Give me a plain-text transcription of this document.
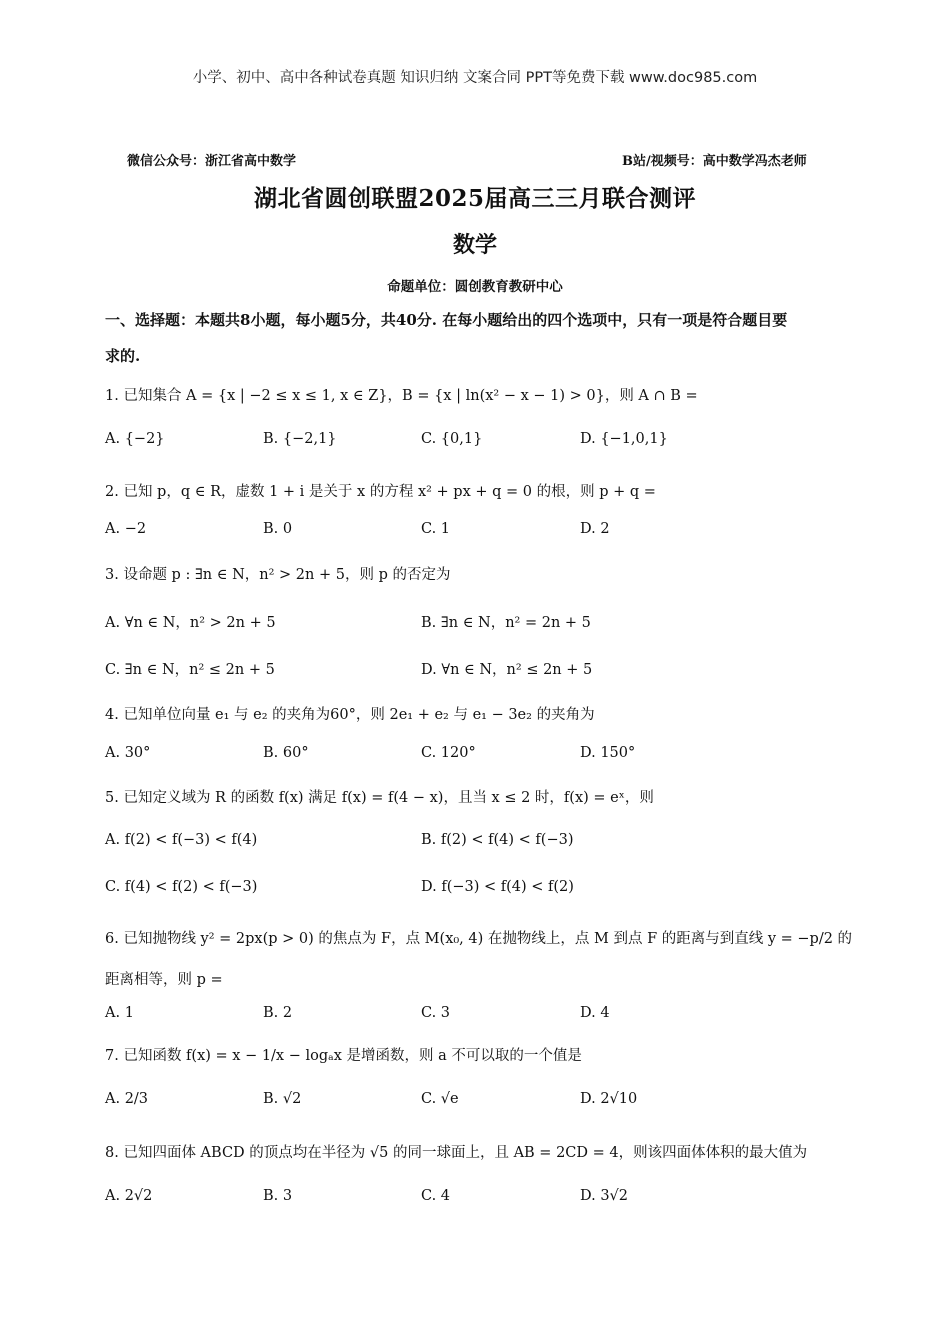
小学、初中、高中各种试卷真题 知识归纳 文案合同 PPT等免费下载 www.doc985.com
微信公众号：浙江省高中数学	B站/视频号：高中数学冯杰老师
湖北省圆创联盟2025届高三三月联合测评
数学
命题单位：圆创教育教研中心
一、选择题：本题共8小题，每小题5分，共40分. 在每小题给出的四个选项中，只有一项是符合题目要
求的.
1. 已知集合 A = {x | −2 ≤ x ≤ 1, x ∈ Z}，B = {x | ln(x² − x − 1) > 0}，则 A ∩ B =
A. {−2}	B. {−2,1}	C. {0,1}	D. {−1,0,1}
2. 已知 p，q ∈ R，虚数 1 + i 是关于 x 的方程 x² + px + q = 0 的根，则 p + q =
A. −2	B. 0	C. 1	D. 2
3. 设命题 p : ∃n ∈ N，n² > 2n + 5，则 p 的否定为
A. ∀n ∈ N，n² > 2n + 5	B. ∃n ∈ N，n² = 2n + 5
C. ∃n ∈ N，n² ≤ 2n + 5	D. ∀n ∈ N，n² ≤ 2n + 5
4. 已知单位向量 e₁ 与 e₂ 的夹角为60°，则 2e₁ + e₂ 与 e₁ − 3e₂ 的夹角为
A. 30°	B. 60°	C. 120°	D. 150°
5. 已知定义域为 R 的函数 f(x) 满足 f(x) = f(4 − x)，且当 x ≤ 2 时，f(x) = eˣ，则
A. f(2) < f(−3) < f(4)	B. f(2) < f(4) < f(−3)
C. f(4) < f(2) < f(−3)	D. f(−3) < f(4) < f(2)
6. 已知抛物线 y² = 2px(p > 0) 的焦点为 F，点 M(x₀, 4) 在抛物线上，点 M 到点 F 的距离与到直线 y = −p/2 的
距离相等，则 p =
A. 1	B. 2	C. 3	D. 4
7. 已知函数 f(x) = x − 1/x − logₐx 是增函数，则 a 不可以取的一个值是
A. 2/3	B. √2	C. √e	D. 2√10
8. 已知四面体 ABCD 的顶点均在半径为 √5 的同一球面上，且 AB = 2CD = 4，则该四面体体积的最大值为
A. 2√2	B. 3	C. 4	D. 3√2
